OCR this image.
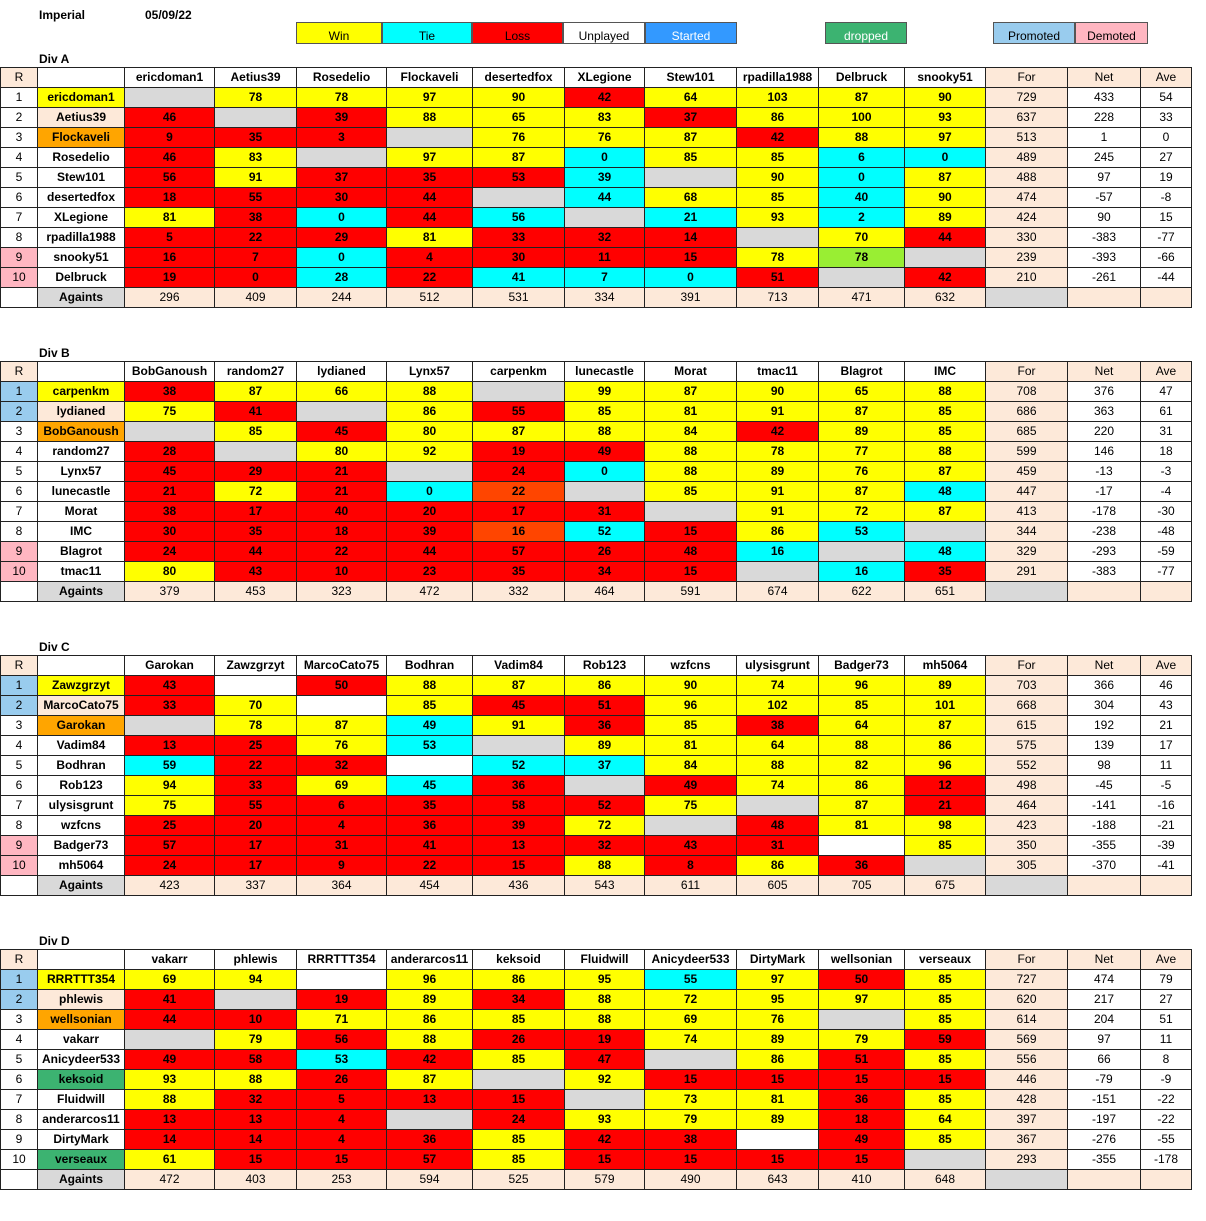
Imperial	05/09/22
Win	Tie	Loss	Unplayed	Started	dropped	Promoted	Demoted
Div A
R		ericdoman1	Aetius39	Rosedelio	Flockaveli	desertedfox	XLegione	Stew101	rpadilla1988	Delbruck	snooky51	For	Net	Ave
1	ericdoman1		78	78	97	90	42	64	103	87	90	729	433	54
2	Aetius39	46		39	88	65	83	37	86	100	93	637	228	33
3	Flockaveli	9	35	3		76	76	87	42	88	97	513	1	0
4	Rosedelio	46	83		97	87	0	85	85	6	0	489	245	27
5	Stew101	56	91	37	35	53	39		90	0	87	488	97	19
6	desertedfox	18	55	30	44		44	68	85	40	90	474	-57	-8
7	XLegione	81	38	0	44	56		21	93	2	89	424	90	15
8	rpadilla1988	5	22	29	81	33	32	14		70	44	330	-383	-77
9	snooky51	16	7	0	4	30	11	15	78	78		239	-393	-66
10	Delbruck	19	0	28	22	41	7	0	51		42	210	-261	-44
	Againts	296	409	244	512	531	334	391	713	471	632			
Div B
R		BobGanoush	random27	lydianed	Lynx57	carpenkm	lunecastle	Morat	tmac11	Blagrot	IMC	For	Net	Ave
1	carpenkm	38	87	66	88		99	87	90	65	88	708	376	47
2	lydianed	75	41		86	55	85	81	91	87	85	686	363	61
3	BobGanoush		85	45	80	87	88	84	42	89	85	685	220	31
4	random27	28		80	92	19	49	88	78	77	88	599	146	18
5	Lynx57	45	29	21		24	0	88	89	76	87	459	-13	-3
6	lunecastle	21	72	21	0	22		85	91	87	48	447	-17	-4
7	Morat	38	17	40	20	17	31		91	72	87	413	-178	-30
8	IMC	30	35	18	39	16	52	15	86	53		344	-238	-48
9	Blagrot	24	44	22	44	57	26	48	16		48	329	-293	-59
10	tmac11	80	43	10	23	35	34	15		16	35	291	-383	-77
	Againts	379	453	323	472	332	464	591	674	622	651			
Div C
R		Garokan	Zawzgrzyt	MarcoCato75	Bodhran	Vadim84	Rob123	wzfcns	ulysisgrunt	Badger73	mh5064	For	Net	Ave
1	Zawzgrzyt	43		50	88	87	86	90	74	96	89	703	366	46
2	MarcoCato75	33	70		85	45	51	96	102	85	101	668	304	43
3	Garokan		78	87	49	91	36	85	38	64	87	615	192	21
4	Vadim84	13	25	76	53		89	81	64	88	86	575	139	17
5	Bodhran	59	22	32		52	37	84	88	82	96	552	98	11
6	Rob123	94	33	69	45	36		49	74	86	12	498	-45	-5
7	ulysisgrunt	75	55	6	35	58	52	75		87	21	464	-141	-16
8	wzfcns	25	20	4	36	39	72		48	81	98	423	-188	-21
9	Badger73	57	17	31	41	13	32	43	31		85	350	-355	-39
10	mh5064	24	17	9	22	15	88	8	86	36		305	-370	-41
	Againts	423	337	364	454	436	543	611	605	705	675			
Div D
R		vakarr	phlewis	RRRTTT354	anderarcos11	keksoid	Fluidwill	Anicydeer533	DirtyMark	wellsonian	verseaux	For	Net	Ave
1	RRRTTT354	69	94		96	86	95	55	97	50	85	727	474	79
2	phlewis	41		19	89	34	88	72	95	97	85	620	217	27
3	wellsonian	44	10	71	86	85	88	69	76		85	614	204	51
4	vakarr		79	56	88	26	19	74	89	79	59	569	97	11
5	Anicydeer533	49	58	53	42	85	47		86	51	85	556	66	8
6	keksoid	93	88	26	87		92	15	15	15	15	446	-79	-9
7	Fluidwill	88	32	5	13	15		73	81	36	85	428	-151	-22
8	anderarcos11	13	13	4		24	93	79	89	18	64	397	-197	-22
9	DirtyMark	14	14	4	36	85	42	38		49	85	367	-276	-55
10	verseaux	61	15	15	57	85	15	15	15	15		293	-355	-178
	Againts	472	403	253	594	525	579	490	643	410	648			
